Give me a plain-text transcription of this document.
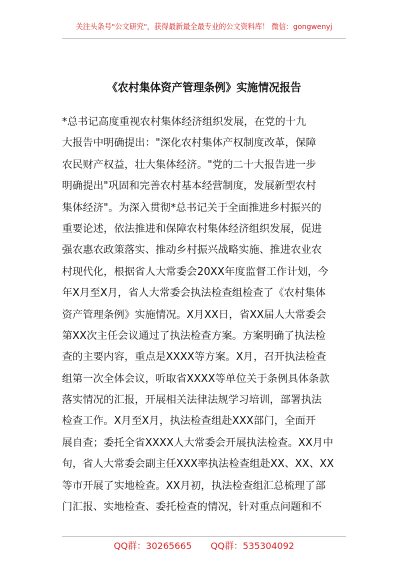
关注头条号"公文研究"，获得最新最全最专业的公文资料库！ 微信：gongwenyj
《农村集体资产管理条例》实施情况报告
*总书记高度重视农村集体经济组织发展，在党的十九
大报告中明确提出："深化农村集体产权制度改革，保障
农民财产权益，壮大集体经济。"党的二十大报告进一步
明确提出"巩固和完善农村基本经营制度，发展新型农村
集体经济"。为深入贯彻*总书记关于全面推进乡村振兴的
重要论述，依法推进和保障农村集体经济组织发展，促进
强农惠农政策落实、推动乡村振兴战略实施、推进农业农
村现代化，根据省人大常委会20XX年度监督工作计划，今
年X月至X月，省人大常委会执法检查组检查了《农村集体
资产管理条例》实施情况。X月XX日，省XX届人大常委会
第XX次主任会议通过了执法检查方案。方案明确了执法检
查的主要内容，重点是XXXX等方案。X月，召开执法检查
组第一次全体会议，听取省XXXX等单位关于条例具体条款
落实情况的汇报，开展相关法律法规学习培训，部署执法
检查工作。X月至X月，执法检查组赴XXX部门，全面开
展自查；委托全省XXXX人大常委会开展执法检查。XX月中
旬，省人大常委会副主任XXX率执法检查组赴XX、XX、XX
等市开展了实地检查。XX月初，执法检查组汇总梳理了部
门汇报、实地检查、委托检查的情况，针对重点问题和不
QQ群：30265665 QQ群：535304092
